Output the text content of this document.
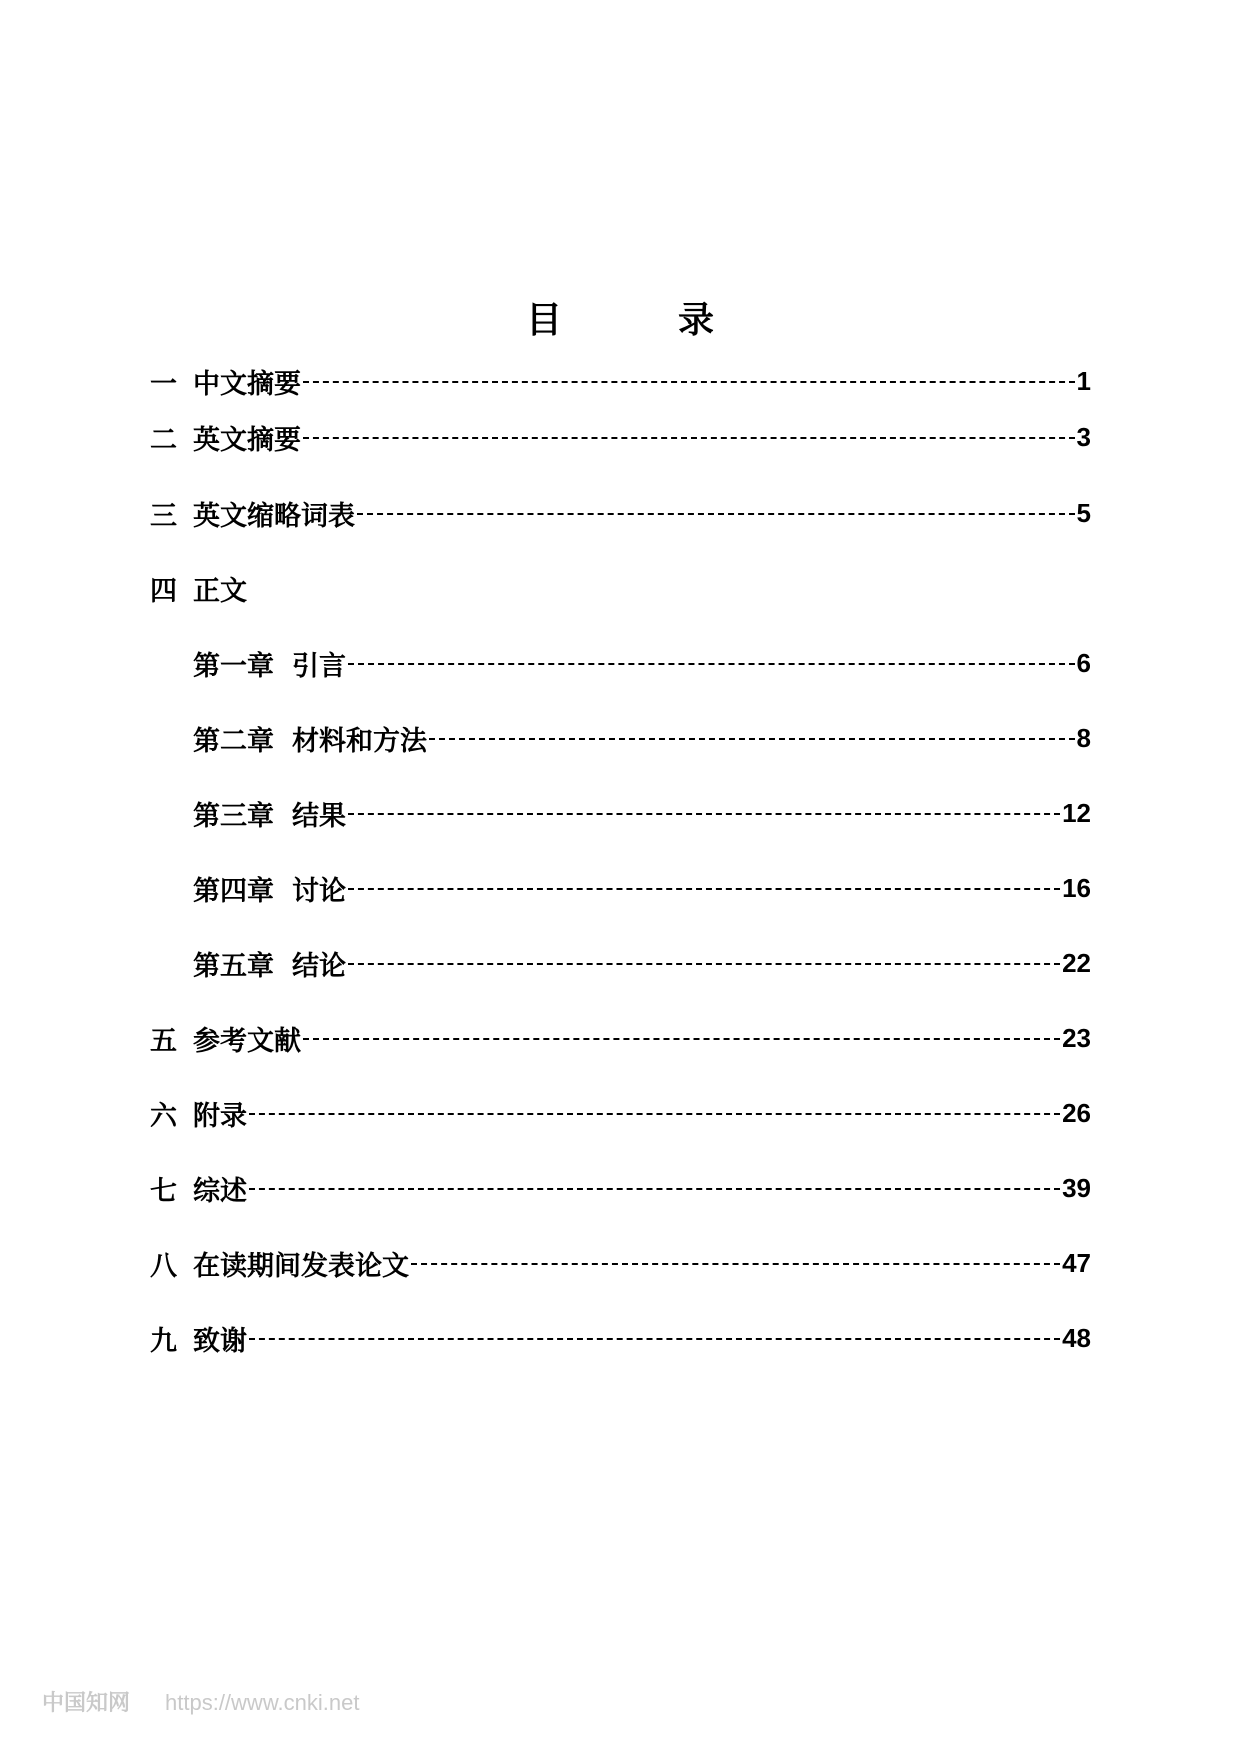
目　录
一 中文摘要	1
二 英文摘要	3
三 英文缩略词表	5
四 正文
第一章 引言	6
第二章 材料和方法	8
第三章 结果	12
第四章 讨论	16
第五章 结论	22
五 参考文献	23
六 附录	26
七 综述	39
八 在读期间发表论文	47
九 致谢	48
中国知网 https://www.cnki.net
